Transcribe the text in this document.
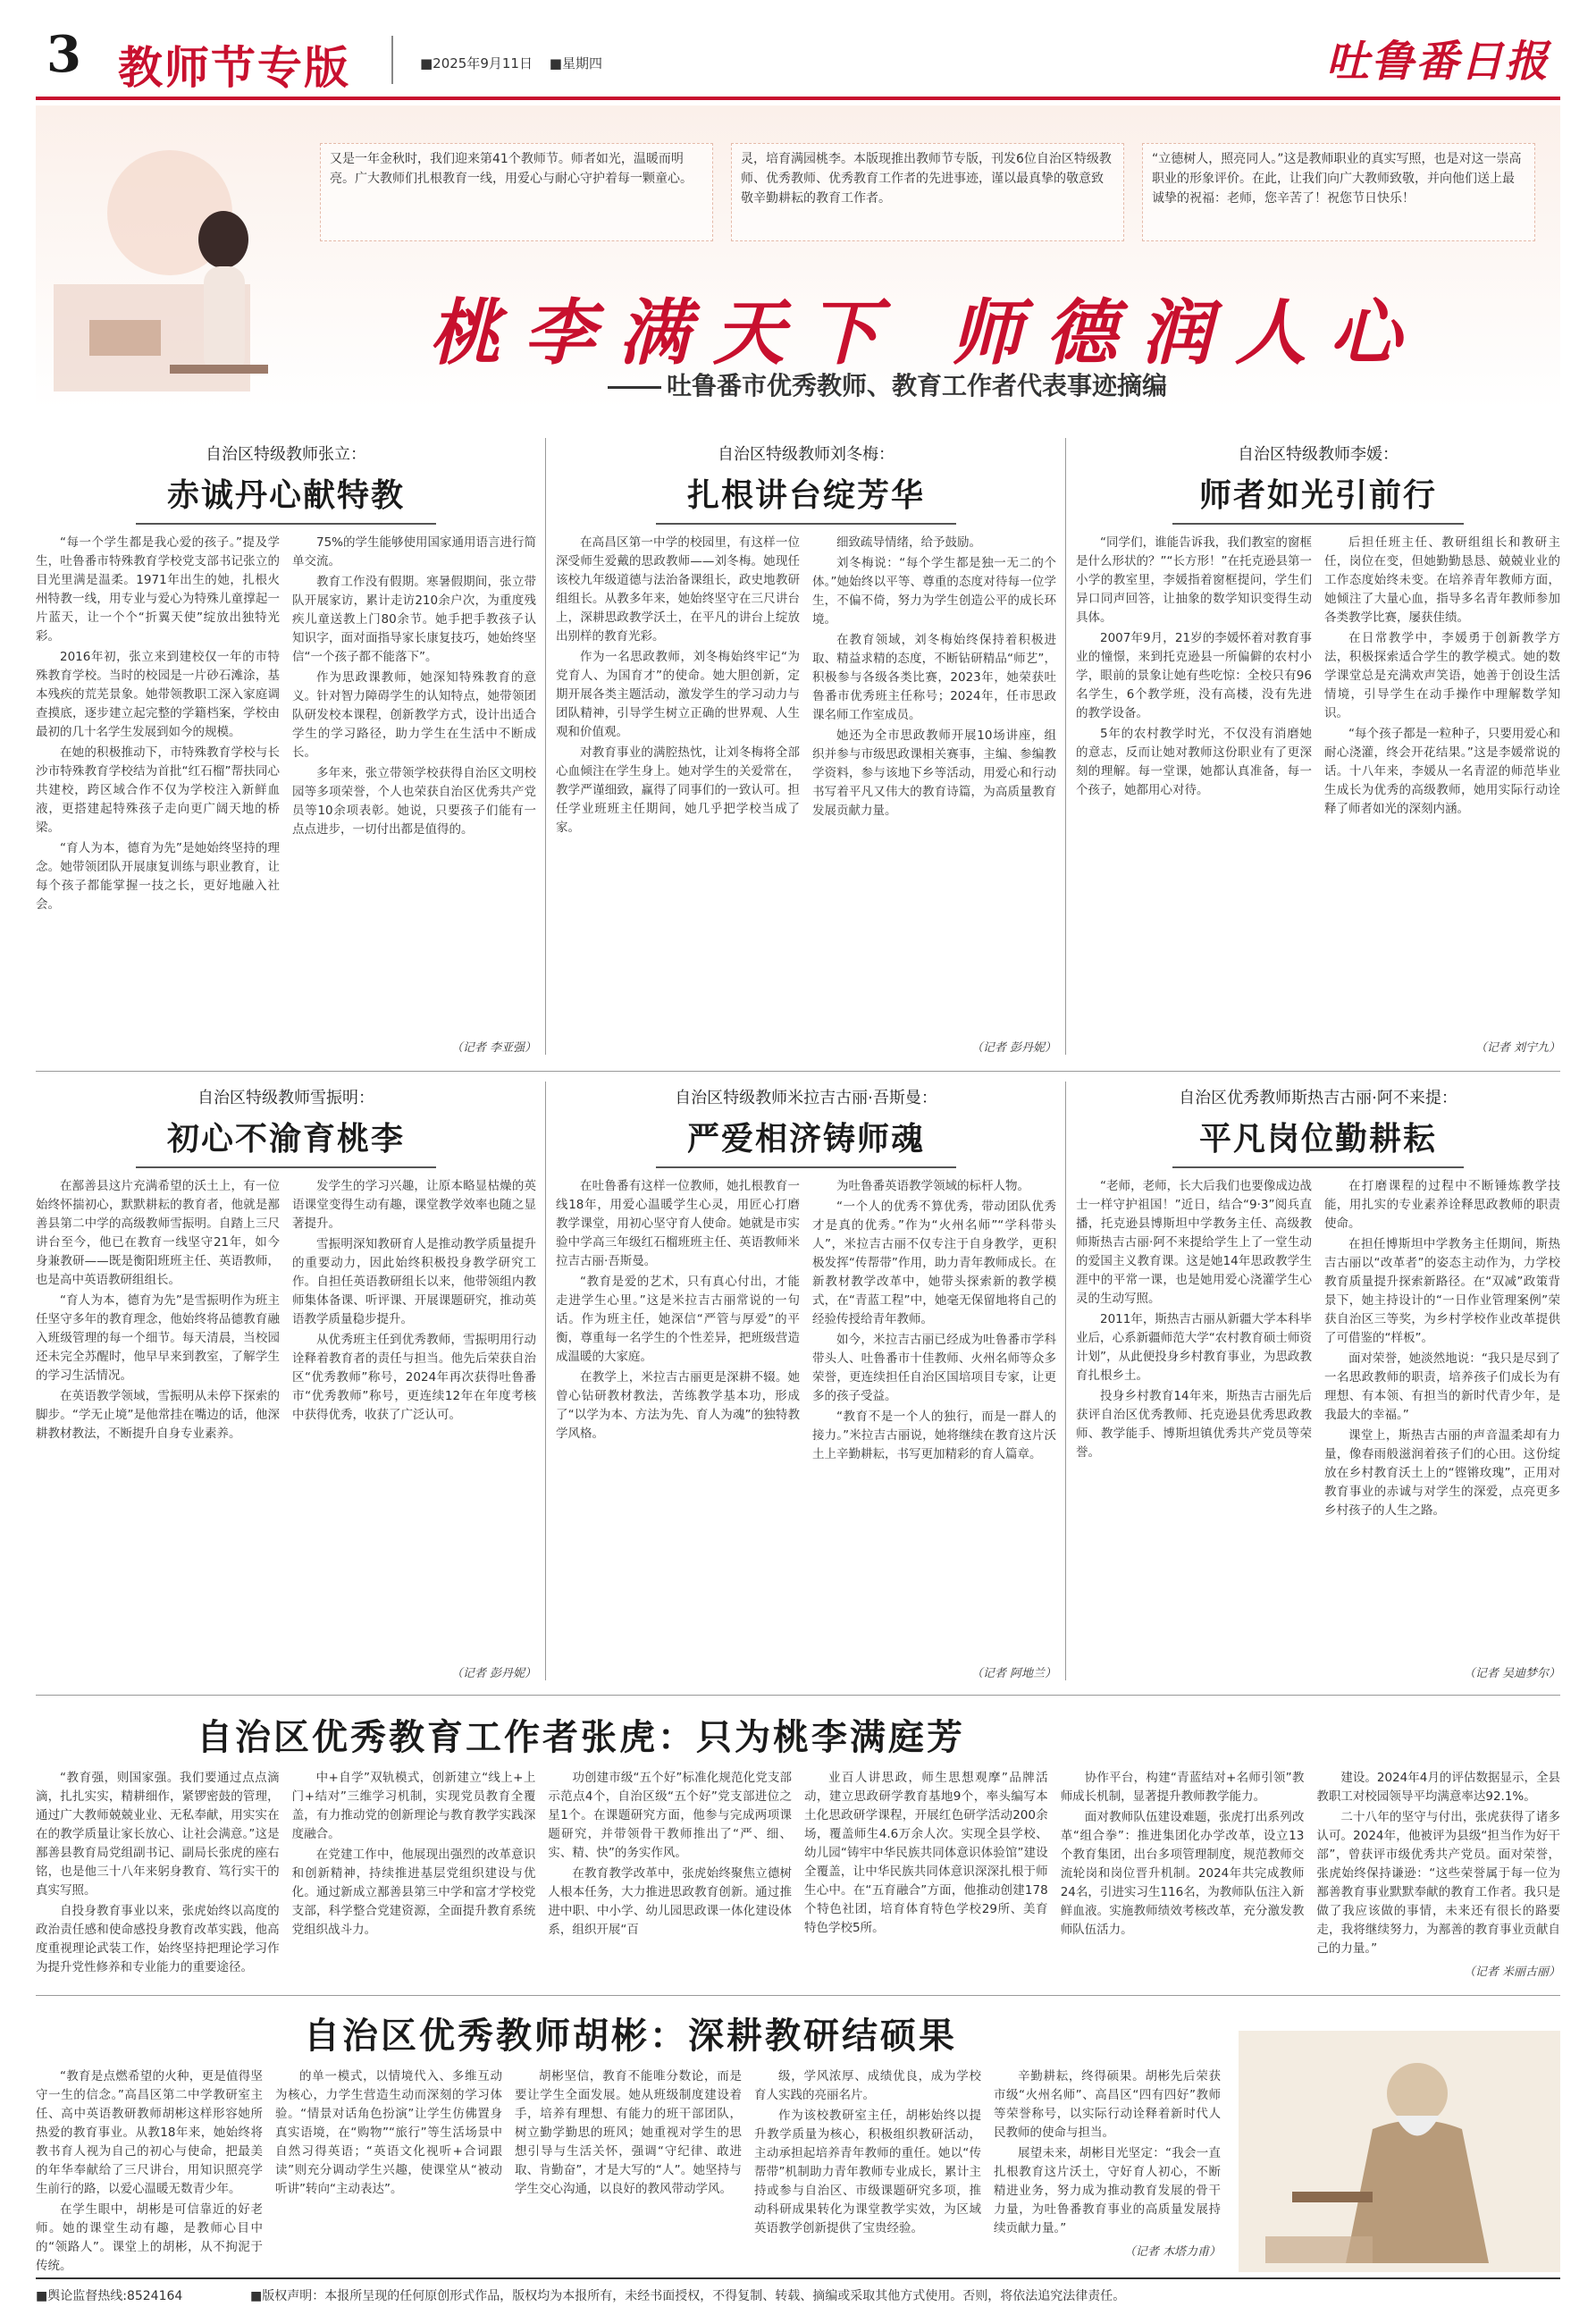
3 教师节专版	■2025年9月11日 ■星期四	吐鲁番日报
又是一年金秋时，我们迎来第41个教师节。师者如光，温暖而明亮。广大教师们扎根教育一线，用爱心与耐心守护着每一颗童心。
灵，培育满园桃李。本版现推出教师节专版，刊发6位自治区特级教师、优秀教师、优秀教育工作者的先进事迹，谨以最真挚的敬意致敬辛勤耕耘的教育工作者。
“立德树人，照亮同人。”这是教师职业的真实写照，也是对这一崇高职业的形象评价。在此，让我们向广大教师致敬，并向他们送上最诚挚的祝福：老师，您辛苦了！祝您节日快乐！
桃李满天下 师德润人心
吐鲁番市优秀教师、教育工作者代表事迹摘编
自治区特级教师张立：
赤诚丹心献特教

“每一个学生都是我心爱的孩子。”提及学生，吐鲁番市特殊教育学校党支部书记张立的目光里满是温柔。1971年出生的她，扎根火州特教一线，用专业与爱心为特殊儿童撑起一片蓝天，让一个个“折翼天使”绽放出独特光彩。

2016年初，张立来到建校仅一年的市特殊教育学校。当时的校园是一片砂石滩涂，基本残疾的荒芜景象。她带领教职工深入家庭调查摸底，逐步建立起完整的学籍档案，学校由最初的几十名学生发展到如今的规模。

在她的积极推动下，市特殊教育学校与长沙市特殊教育学校结为首批“红石榴”帮扶同心共建校，跨区域合作不仅为学校注入新鲜血液，更搭建起特殊孩子走向更广阔天地的桥梁。

“育人为本，德育为先”是她始终坚持的理念。她带领团队开展康复训练与职业教育，让每个孩子都能掌握一技之长，更好地融入社会。

75%的学生能够使用国家通用语言进行简单交流。

教育工作没有假期。寒暑假期间，张立带队开展家访，累计走访210余户次，为重度残疾儿童送教上门80余节。她手把手教孩子认知识字，面对面指导家长康复技巧，她始终坚信“一个孩子都不能落下”。

作为思政课教师，她深知特殊教育的意义。针对智力障碍学生的认知特点，她带领团队研发校本课程，创新教学方式，设计出适合学生的学习路径，助力学生在生活中不断成长。

多年来，张立带领学校获得自治区文明校园等多项荣誉，个人也荣获自治区优秀共产党员等10余项表彰。她说，只要孩子们能有一点点进步，一切付出都是值得的。

（记者 李亚强）
自治区特级教师刘冬梅：
扎根讲台绽芳华

在高昌区第一中学的校园里，有这样一位深受师生爱戴的思政教师——刘冬梅。她现任该校九年级道德与法治备课组长，政史地教研组组长。从教多年来，她始终坚守在三尺讲台上，深耕思政教学沃土，在平凡的讲台上绽放出别样的教育光彩。

作为一名思政教师，刘冬梅始终牢记“为党育人、为国育才”的使命。她大胆创新，定期开展各类主题活动，激发学生的学习动力与团队精神，引导学生树立正确的世界观、人生观和价值观。

对教育事业的满腔热忱，让刘冬梅将全部心血倾注在学生身上。她对学生的关爱常在，教学严谨细致，赢得了同事们的一致认可。担任学业班班主任期间，她几乎把学校当成了家。

细致疏导情绪，给予鼓励。

刘冬梅说：“每个学生都是独一无二的个体。”她始终以平等、尊重的态度对待每一位学生，不偏不倚，努力为学生创造公平的成长环境。

在教育领域，刘冬梅始终保持着积极进取、精益求精的态度，不断钻研精品“师艺”，积极参与各级各类比赛，2023年，她荣获吐鲁番市优秀班主任称号；2024年，任市思政课名师工作室成员。

她还为全市思政教师开展10场讲座，组织并参与市级思政课相关赛事，主编、参编教学资料，参与该地下乡等活动，用爱心和行动书写着平凡又伟大的教育诗篇，为高质量教育发展贡献力量。

（记者 彭丹妮）
自治区特级教师李媛：
师者如光引前行

“同学们，谁能告诉我，我们教室的窗框是什么形状的？”“长方形！”在托克逊县第一小学的教室里，李媛指着窗框提问，学生们异口同声回答，让抽象的数学知识变得生动具体。

2007年9月，21岁的李媛怀着对教育事业的憧憬，来到托克逊县一所偏僻的农村小学，眼前的景象让她有些吃惊：全校只有96名学生，6个教学班，没有高楼，没有先进的教学设备。

5年的农村教学时光，不仅没有消磨她的意志，反而让她对教师这份职业有了更深刻的理解。每一堂课，她都认真准备，每一个孩子，她都用心对待。

后担任班主任、教研组组长和教研主任，岗位在变，但她勤勤恳恳、兢兢业业的工作态度始终未变。在培养青年教师方面，她倾注了大量心血，指导多名青年教师参加各类教学比赛，屡获佳绩。

在日常教学中，李媛勇于创新教学方法，积极探索适合学生的教学模式。她的数学课堂总是充满欢声笑语，她善于创设生活情境，引导学生在动手操作中理解数学知识。

“每个孩子都是一粒种子，只要用爱心和耐心浇灌，终会开花结果。”这是李媛常说的话。十八年来，李媛从一名青涩的师范毕业生成长为优秀的高级教师，她用实际行动诠释了师者如光的深刻内涵。

（记者 刘宁九）
自治区特级教师雪振明：
初心不渝育桃李

在鄯善县这片充满希望的沃土上，有一位始终怀揣初心，默默耕耘的教育者，他就是鄯善县第二中学的高级教师雪振明。自踏上三尺讲台至今，他已在教育一线坚守21年，如今身兼教研——既是衡阳班班主任、英语教师，也是高中英语教研组组长。

“育人为本，德育为先”是雪振明作为班主任坚守多年的教育理念，他始终将品德教育融入班级管理的每一个细节。每天清晨，当校园还未完全苏醒时，他早早来到教室，了解学生的学习生活情况。

在英语教学领域，雪振明从未停下探索的脚步。“学无止境”是他常挂在嘴边的话，他深耕教材教法，不断提升自身专业素养。

发学生的学习兴趣，让原本略显枯燥的英语课堂变得生动有趣，课堂教学效率也随之显著提升。

雪振明深知教研育人是推动教学质量提升的重要动力，因此始终积极投身教学研究工作。自担任英语教研组长以来，他带领组内教师集体备课、听评课、开展课题研究，推动英语教学质量稳步提升。

从优秀班主任到优秀教师，雪振明用行动诠释着教育者的责任与担当。他先后荣获自治区“优秀教师”称号，2024年再次获得吐鲁番市“优秀教师”称号，更连续12年在年度考核中获得优秀，收获了广泛认可。

（记者 彭丹妮）
自治区特级教师米拉吉古丽·吾斯曼：
严爱相济铸师魂

在吐鲁番有这样一位教师，她扎根教育一线18年，用爱心温暖学生心灵，用匠心打磨教学课堂，用初心坚守育人使命。她就是市实验中学高三年级红石榴班班主任、英语教师米拉吉古丽·吾斯曼。

“教育是爱的艺术，只有真心付出，才能走进学生心里。”这是米拉吉古丽常说的一句话。作为班主任，她深信“严管与厚爱”的平衡，尊重每一名学生的个性差异，把班级营造成温暖的大家庭。

在教学上，米拉吉古丽更是深耕不辍。她曾心钻研教材教法，苦练教学基本功，形成了“以学为本、方法为先、育人为魂”的独特教学风格。

为吐鲁番英语教学领域的标杆人物。

“一个人的优秀不算优秀，带动团队优秀才是真的优秀。”作为“火州名师”“学科带头人”，米拉吉古丽不仅专注于自身教学，更积极发挥“传帮带”作用，助力青年教师成长。在新教材教学改革中，她带头探索新的教学模式，在“青蓝工程”中，她毫无保留地将自己的经验传授给青年教师。

如今，米拉吉古丽已经成为吐鲁番市学科带头人、吐鲁番市十佳教师、火州名师等众多荣誉，更连续担任自治区国培项目专家，让更多的孩子受益。

“教育不是一个人的独行，而是一群人的接力。”米拉吉古丽说，她将继续在教育这片沃土上辛勤耕耘，书写更加精彩的育人篇章。

（记者 阿地兰）
自治区优秀教师斯热吉古丽·阿不来提：
平凡岗位勤耕耘

“老师，老师，长大后我们也要像成边战士一样守护祖国！”近日，结合“9·3”阅兵直播，托克逊县博斯坦中学教务主任、高级教师斯热吉古丽·阿不来提给学生上了一堂生动的爱国主义教育课。这是她14年思政教学生涯中的平常一课，也是她用爱心浇灌学生心灵的生动写照。

2011年，斯热吉古丽从新疆大学本科毕业后，心系新疆师范大学“农村教育硕士师资计划”，从此便投身乡村教育事业，为思政教育扎根乡土。

投身乡村教育14年来，斯热吉古丽先后获评自治区优秀教师、托克逊县优秀思政教师、教学能手、博斯坦镇优秀共产党员等荣誉。

在打磨课程的过程中不断锤炼教学技能，用扎实的专业素养诠释思政教师的职责使命。

在担任博斯坦中学教务主任期间，斯热吉古丽以“改革者”的姿态主动作为，力学校教育质量提升探索新路径。在“双减”政策背景下，她主持设计的“一日作业管理案例”荣获自治区三等奖，为乡村学校作业改革提供了可借鉴的“样板”。

面对荣誉，她淡然地说：“我只是尽到了一名思政教师的职责，培养孩子们成长为有理想、有本领、有担当的新时代青少年，是我最大的幸福。”

课堂上，斯热吉古丽的声音温柔却有力量，像春雨般滋润着孩子们的心田。这份绽放在乡村教育沃土上的“铿锵玫瑰”，正用对教育事业的赤诚与对学生的深爱，点亮更多乡村孩子的人生之路。

（记者 吴迪梦尔）
自治区优秀教育工作者张虎：只为桃李满庭芳

“教育强，则国家强。我们要通过点点滴滴，扎扎实实，精耕细作，紧锣密鼓的管理，通过广大教师兢兢业业、无私奉献，用实实在在的教学质量让家长放心、让社会满意。”这是鄯善县教育局党组副书记、副局长张虎的座右铭，也是他三十八年来躬身教育、笃行实干的真实写照。

自投身教育事业以来，张虎始终以高度的政治责任感和使命感投身教育改革实践，他高度重视理论武装工作，始终坚持把理论学习作为提升党性修养和专业能力的重要途径。

中+自学”双轨模式，创新建立“线上+上门+结对”三维学习机制，实现党员教育全覆盖，有力推动党的创新理论与教育教学实践深度融合。

在党建工作中，他展现出强烈的改革意识和创新精神，持续推进基层党组织建设与优化。通过新成立鄯善县第三中学和富才学校党支部，科学整合党建资源，全面提升教育系统党组织战斗力。

功创建市级“五个好”标准化规范化党支部示范点4个，自治区级“五个好”党支部进位之星1个。在课题研究方面，他参与完成两项课题研究，并带领骨干教师推出了“严、细、实、精、快”的务实作风。

在教育教学改革中，张虎始终聚焦立德树人根本任务，大力推进思政教育创新。通过推进中职、中小学、幼儿园思政课一体化建设体系，组织开展“百

业百人讲思政，师生思想观摩”品牌活动，建立思政研学教育基地9个，率头编写本土化思政研学课程，开展红色研学活动200余场，覆盖师生4.6万余人次。实现全县学校、幼儿园“铸牢中华民族共同体意识体验馆”建设全覆盖，让中华民族共同体意识深深扎根于师生心中。在“五育融合”方面，他推动创建178个特色社团，培育体育特色学校29所、美育特色学校5所。

协作平台，构建“青蓝结对+名师引领”教师成长机制，显著提升教师教学能力。

面对教师队伍建设难题，张虎打出系列改革“组合拳”：推进集团化办学改革，设立13个教育集团，出台多项管理制度，规范教师交流轮岗和岗位晋升机制。2024年共完成教师24名，引进实习生116名，为教师队伍注入新鲜血液。实施教师绩效考核改革，充分激发教师队伍活力。

建设。2024年4月的评估数据显示，全县教职工对校园领导平均满意率达92.1%。

二十八年的坚守与付出，张虎获得了诸多认可。2024年，他被评为县级“担当作为好干部”，曾获评市级优秀共产党员。面对荣誉，张虎始终保持谦逊：“这些荣誉属于每一位为鄯善教育事业默默奉献的教育工作者。我只是做了我应该做的事情，未来还有很长的路要走，我将继续努力，为鄯善的教育事业贡献自己的力量。”

（记者 米丽古丽）
自治区优秀教师胡彬：深耕教研结硕果

“教育是点燃希望的火种，更是值得坚守一生的信念。”高昌区第二中学教研室主任、高中英语教研教师胡彬这样形容她所热爱的教育事业。从教18年来，她始终将教书育人视为自己的初心与使命，把最美的年华奉献给了三尺讲台，用知识照亮学生前行的路，以爱心温暖无数青少年。

在学生眼中，胡彬是可信靠近的好老师。她的课堂生动有趣，是教师心目中的“领路人”。课堂上的胡彬，从不拘泥于传统。

的单一模式，以情境代入、多维互动为核心，力学生营造生动而深刻的学习体验。“情景对话角色扮演”让学生仿佛置身真实语境，在“购物”“旅行”等生活场景中自然习得英语；“英语文化视听+合词跟读”则充分调动学生兴趣，使课堂从“被动听讲”转向“主动表达”。

胡彬坚信，教育不能唯分数论，而是要让学生全面发展。她从班级制度建设着手，培养有理想、有能力的班干部团队，树立勤学勤思的班风；她重视对学生的思想引导与生活关怀，强调“守纪律、敢进取、肯勤奋”，才是大写的“人”。她坚持与学生交心沟通，以良好的教风带动学风。

级，学风浓厚、成绩优良，成为学校育人实践的亮丽名片。

作为该校教研室主任，胡彬始终以提升教学质量为核心，积极组织教研活动，主动承担起培养青年教师的重任。她以“传帮带”机制助力青年教师专业成长，累计主持或参与自治区、市级课题研究多项，推动科研成果转化为课堂教学实效，为区域英语教学创新提供了宝贵经验。

辛勤耕耘，终得硕果。胡彬先后荣获市级“火州名师”、高昌区“四有四好”教师等荣誉称号，以实际行动诠释着新时代人民教师的使命与担当。

展望未来，胡彬目光坚定：“我会一直扎根教育这片沃土，守好育人初心，不断精进业务，努力成为推动教育发展的骨干力量，为吐鲁番教育事业的高质量发展持续贡献力量。”

（记者 木塔力甫）
■舆论监督热线:8524164	■版权声明：本报所呈现的任何原创形式作品，版权均为本报所有，未经书面授权，不得复制、转载、摘编或采取其他方式使用。否则，将依法追究法律责任。
